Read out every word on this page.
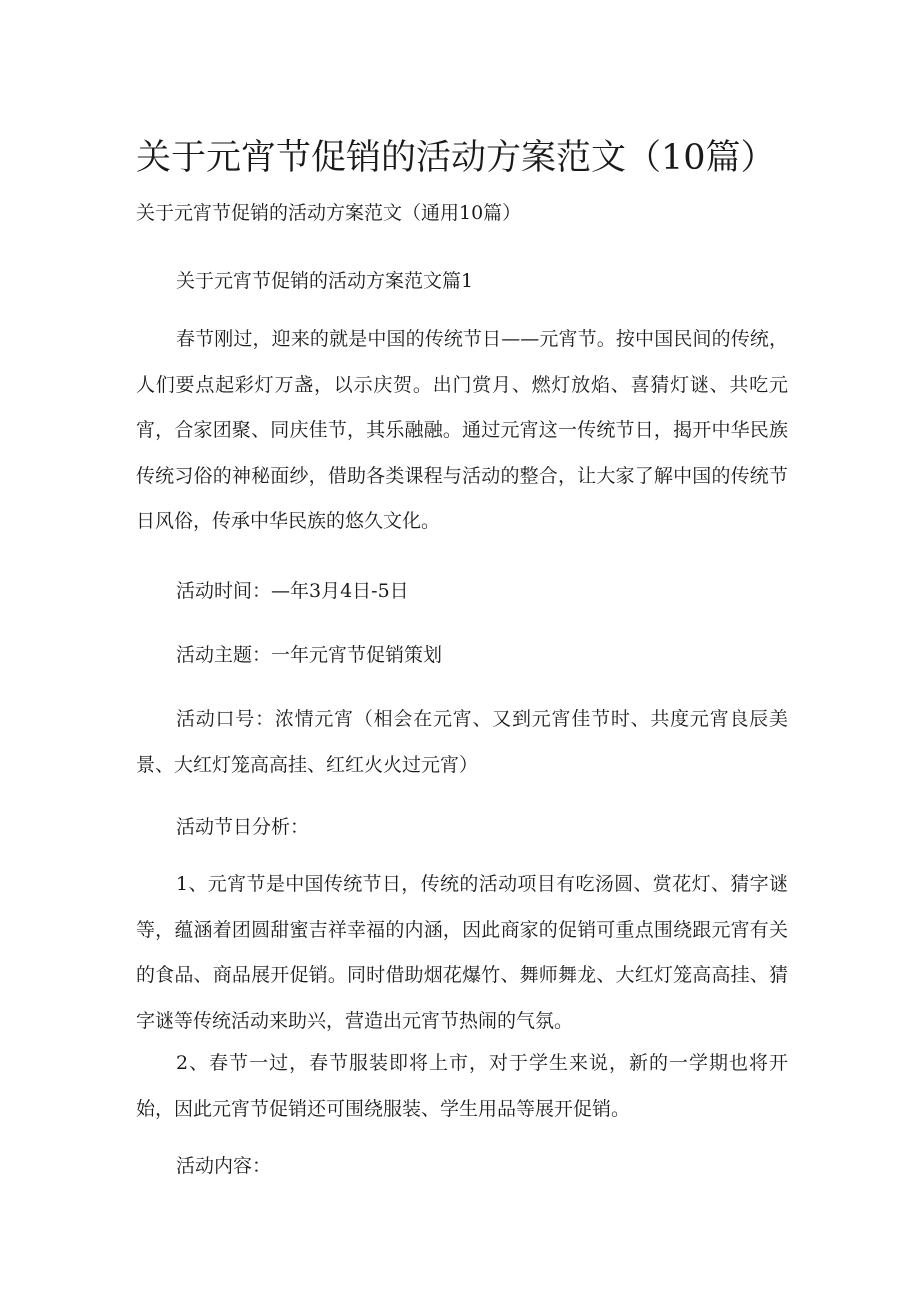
关于元宵节促销的活动方案范文（10篇）
关于元宵节促销的活动方案范文（通用10篇）
关于元宵节促销的活动方案范文篇1
春节刚过，迎来的就是中国的传统节日——元宵节。按中国民间的传统，人们要点起彩灯万盏，以示庆贺。出门赏月、燃灯放焰、喜猜灯谜、共吃元宵，合家团聚、同庆佳节，其乐融融。通过元宵这一传统节日，揭开中华民族传统习俗的神秘面纱，借助各类课程与活动的整合，让大家了解中国的传统节日风俗，传承中华民族的悠久文化。
活动时间：—年3月4日-5日
活动主题：一年元宵节促销策划
活动口号：浓情元宵（相会在元宵、又到元宵佳节时、共度元宵良辰美景、大红灯笼高高挂、红红火火过元宵）
活动节日分析：
1、元宵节是中国传统节日，传统的活动项目有吃汤圆、赏花灯、猜字谜等，蕴涵着团圆甜蜜吉祥幸福的内涵，因此商家的促销可重点围绕跟元宵有关的食品、商品展开促销。同时借助烟花爆竹、舞师舞龙、大红灯笼高高挂、猜字谜等传统活动来助兴，营造出元宵节热闹的气氛。
2、春节一过，春节服装即将上市，对于学生来说，新的一学期也将开始，因此元宵节促销还可围绕服装、学生用品等展开促销。
活动内容：
